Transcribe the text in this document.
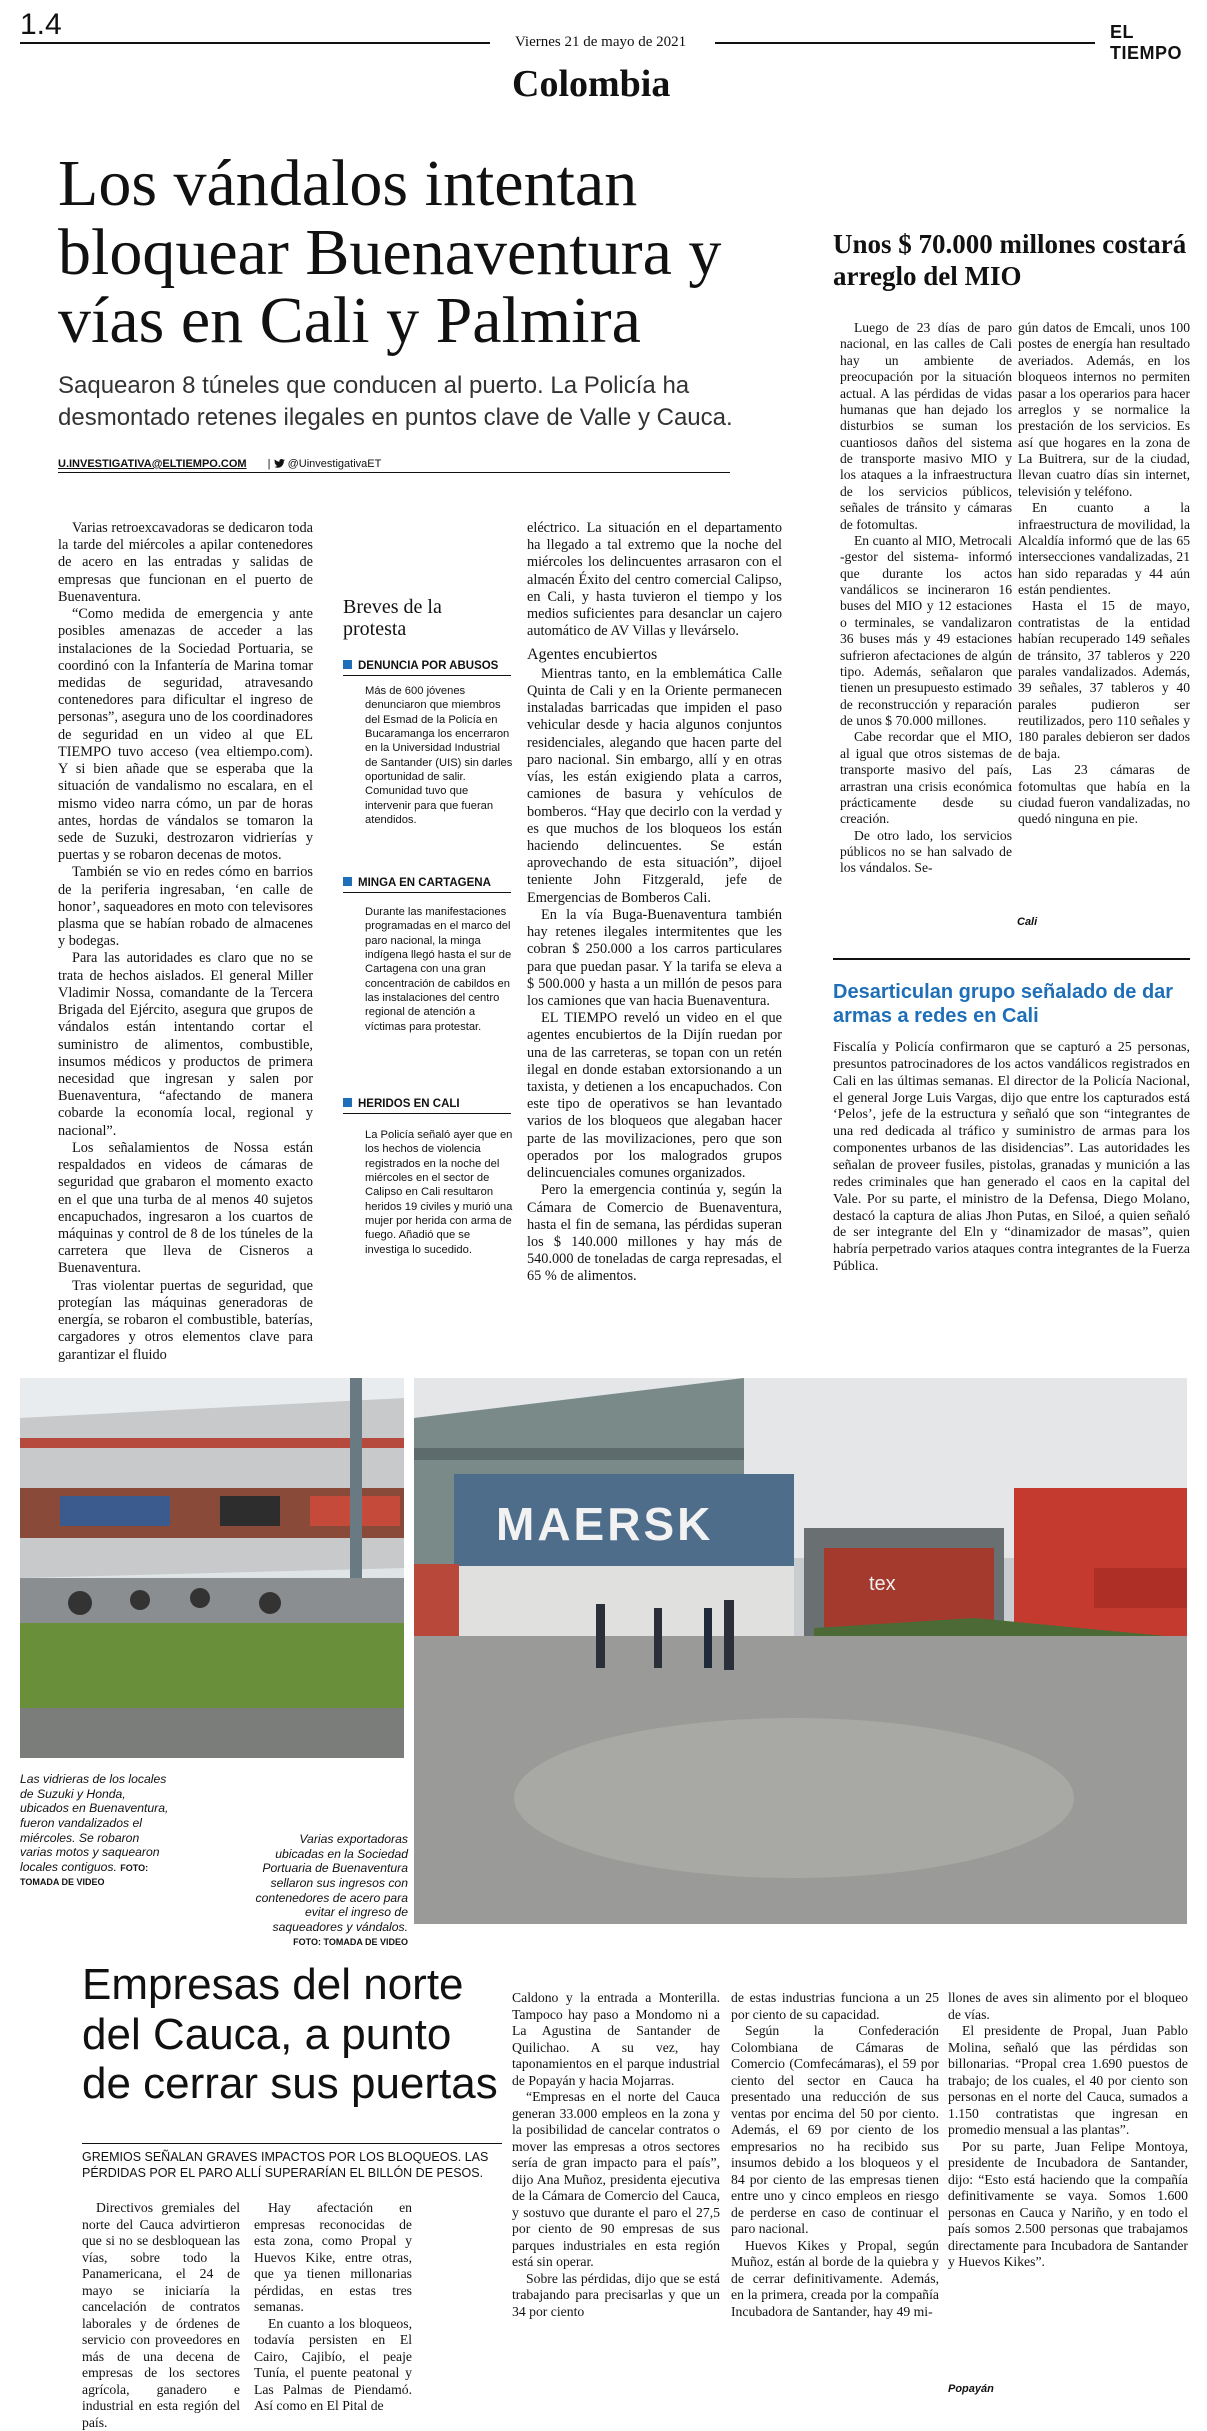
1.4
Viernes 21 de mayo de 2021
Colombia
EL TIEMPO
Los vándalos intentan bloquear Buenaventura y vías en Cali y Palmira
Saquearon 8 túneles que conducen al puerto. La Policía ha desmontado retenes ilegales en puntos clave de Valle y Cauca.
U.INVESTIGATIVA@ELTIEMPO.COM |  @UinvestigativaET

Varias retroexcavadoras se dedicaron toda la tarde del miércoles a apilar contenedores de acero en las entradas y salidas de empresas que funcionan en el puerto de Buenaventura.

“Como medida de emergencia y ante posibles amenazas de acceder a las instalaciones de la Sociedad Portuaria, se coordinó con la Infantería de Marina tomar medidas de seguridad, atravesando contenedores para dificultar el ingreso de personas”, asegura uno de los coordinadores de seguridad en un video al que EL TIEMPO tuvo acceso (vea eltiempo.com). Y si bien añade que se esperaba que la situación de vandalismo no escalara, en el mismo video narra cómo, un par de horas antes, hordas de vándalos se tomaron la sede de Suzuki, destrozaron vidrierías y puertas y se robaron decenas de motos.

También se vio en redes cómo en barrios de la periferia ingresaban, ‘en calle de honor’, saqueadores en moto con televisores plasma que se habían robado de almacenes y bodegas.

Para las autoridades es claro que no se trata de hechos aislados. El general Miller Vladimir Nossa, comandante de la Tercera Brigada del Ejército, asegura que grupos de vándalos están intentando cortar el suministro de alimentos, combustible, insumos médicos y productos de primera necesidad que ingresan y salen por Buenaventura, “afectando de manera cobarde la economía local, regional y nacional”.

Los señalamientos de Nossa están respaldados en videos de cámaras de seguridad que grabaron el momento exacto en el que una turba de al menos 40 sujetos encapuchados, ingresaron a los cuartos de máquinas y control de 8 de los túneles de la carretera que lleva de Cisneros a Buenaventura.

Tras violentar puertas de seguridad, que protegían las máquinas generadoras de energía, se robaron el combustible, baterías, cargadores y otros elementos clave para garantizar el fluido

Breves de la protesta
DENUNCIA POR ABUSOS
Más de 600 jóvenes denunciaron que miembros del Esmad de la Policía en Bucaramanga los encerraron en la Universidad Industrial de Santander (UIS) sin darles oportunidad de salir. Comunidad tuvo que intervenir para que fueran atendidos.
MINGA EN CARTAGENA
Durante las manifestaciones programadas en el marco del paro nacional, la minga indígena llegó hasta el sur de Cartagena con una gran concentración de cabildos en las instalaciones del centro regional de atención a víctimas para protestar.
HERIDOS EN CALI
La Policía señaló ayer que en los hechos de violencia registrados en la noche del miércoles en el sector de Calipso en Cali resultaron heridos 19 civiles y murió una mujer por herida con arma de fuego. Añadió que se investiga lo sucedido.

eléctrico. La situación en el departamento ha llegado a tal extremo que la noche del miércoles los delincuentes arrasaron con el almacén Éxito del centro comercial Calipso, en Cali, y hasta tuvieron el tiempo y los medios suficientes para desanclar un cajero automático de AV Villas y llevárselo.

Agentes encubiertos

Mientras tanto, en la emblemática Calle Quinta de Cali y en la Oriente permanecen instaladas barricadas que impiden el paso vehicular desde y hacia algunos conjuntos residenciales, alegando que hacen parte del paro nacional. Sin embargo, allí y en otras vías, les están exigiendo plata a carros, camiones de basura y vehículos de bomberos. “Hay que decirlo con la verdad y es que muchos de los bloqueos los están haciendo delincuentes. Se están aprovechando de esta situación”, dijoel teniente John Fitzgerald, jefe de Emergencias de Bomberos Cali.

En la vía Buga-Buenaventura también hay retenes ilegales intermitentes que les cobran $ 250.000 a los carros particulares para que puedan pasar. Y la tarifa se eleva a $ 500.000 y hasta a un millón de pesos para los camiones que van hacia Buenaventura.

EL TIEMPO reveló un video en el que agentes encubiertos de la Dijín ruedan por una de las carreteras, se topan con un retén ilegal en donde estaban extorsionando a un taxista, y detienen a los encapuchados. Con este tipo de operativos se han levantado varios de los bloqueos que alegaban hacer parte de las movilizaciones, pero que son operados por los malogrados grupos delincuenciales comunes organizados.

Pero la emergencia continúa y, según la Cámara de Comercio de Buenaventura, hasta el fin de semana, las pérdidas superan los $ 140.000 millones y hay más de 540.000 de toneladas de carga represadas, el 65 % de alimentos.

Unos $ 70.000 millones costará arreglo del MIO

Luego de 23 días de paro nacional, en las calles de Cali hay un ambiente de preocupación por la situación actual. A las pérdidas de vidas humanas que han dejado los disturbios se suman los cuantiosos daños del sistema de transporte masivo MIO y los ataques a la infraestructura de los servicios públicos, señales de tránsito y cámaras de fotomultas.

En cuanto al MIO, Metrocali -gestor del sistema- informó que durante los actos vandálicos se incineraron 16 buses del MIO y 12 estaciones o terminales, se vandalizaron 36 buses más y 49 estaciones sufrieron afectaciones de algún tipo. Además, señalaron que tienen un presupuesto estimado de reconstrucción y reparación de unos $ 70.000 millones.

Cabe recordar que el MIO, al igual que otros sistemas de transporte masivo del país, arrastran una crisis económica prácticamente desde su creación.

De otro lado, los servicios públicos no se han salvado de los vándalos. Se-

gún datos de Emcali, unos 100 postes de energía han resultado averiados. Además, en los bloqueos internos no permiten pasar a los operarios para hacer arreglos y se normalice la prestación de los servicios. Es así que hogares en la zona de La Buitrera, sur de la ciudad, llevan cuatro días sin internet, televisión y teléfono.

En cuanto a la infraestructura de movilidad, la Alcaldía informó que de las 65 intersecciones vandalizadas, 21 han sido reparadas y 44 aún están pendientes.

Hasta el 15 de mayo, contratistas de la entidad habían recuperado 149 señales de tránsito, 37 tableros y 220 parales vandalizados. Además, 39 señales, 37 tableros y 40 parales pudieron ser reutilizados, pero 110 señales y 180 parales debieron ser dados de baja.

Las 23 cámaras de fotomultas que había en la ciudad fueron vandalizadas, no quedó ninguna en pie.

Cali
Desarticulan grupo señalado de dar armas a redes en Cali

Fiscalía y Policía confirmaron que se capturó a 25 personas, presuntos patrocinadores de los actos vandálicos registrados en Cali en las últimas semanas. El director de la Policía Nacional, el general Jorge Luis Vargas, dijo que entre los capturados está ‘Pelos’, jefe de la estructura y señaló que son “integrantes de una red dedicada al tráfico y suministro de armas para los componentes urbanos de las disidencias”. Las autoridades les señalan de proveer fusiles, pistolas, granadas y munición a las redes criminales que han generado el caos en la capital del Vale. Por su parte, el ministro de la Defensa, Diego Molano, destacó la captura de alias Jhon Putas, en Siloé, a quien señaló de ser integrante del Eln y “dinamizador de masas”, quien habría perpetrado varios ataques contra integrantes de la Fuerza Pública.

MAERSK
tex
Las vidrieras de los locales de Suzuki y Honda, ubicados en Buenaventura, fueron vandalizados el miércoles. Se robaron varias motos y saquearon locales contiguos. FOTO: TOMADA DE VIDEO
Varias exportadoras ubicadas en la Sociedad Portuaria de Buenaventura sellaron sus ingresos con contenedores de acero para evitar el ingreso de saqueadores y vándalos. FOTO: TOMADA DE VIDEO
Empresas del norte del Cauca, a punto de cerrar sus puertas
GREMIOS SEÑALAN GRAVES IMPACTOS POR LOS BLOQUEOS. LAS PÉRDIDAS POR EL PARO ALLÍ SUPERARÍAN EL BILLÓN DE PESOS.

Directivos gremiales del norte del Cauca advirtieron que si no se desbloquean las vías, sobre todo la Panamericana, el 24 de mayo se iniciaría la cancelación de contratos laborales y de órdenes de servicio con proveedores en más de una decena de empresas de los sectores agrícola, ganadero e industrial en esta región del país.

Hay afectación en empresas reconocidas de esta zona, como Propal y Huevos Kike, entre otras, que ya tienen millonarias pérdidas, en estas tres semanas.

En cuanto a los bloqueos, todavía persisten en El Cairo, Cajibío, el peaje Tunía, el puente peatonal y Las Palmas de Piendamó. Así como en El Pital de

Caldono y la entrada a Monterilla. Tampoco hay paso a Mondomo ni a La Agustina de Santander de Quilichao. A su vez, hay taponamientos en el parque industrial de Popayán y hacia Mojarras.

“Empresas en el norte del Cauca generan 33.000 empleos en la zona y la posibilidad de cancelar contratos o mover las empresas a otros sectores sería de gran impacto para el país”, dijo Ana Muñoz, presidenta ejecutiva de la Cámara de Comercio del Cauca, y sostuvo que durante el paro el 27,5 por ciento de 90 empresas de sus parques industriales en esta región está sin operar.

Sobre las pérdidas, dijo que se está trabajando para precisarlas y que un 34 por ciento

de estas industrias funciona a un 25 por ciento de su capacidad.

Según la Confederación Colombiana de Cámaras de Comercio (Comfecámaras), el 59 por ciento del sector en Cauca ha presentado una reducción de sus ventas por encima del 50 por ciento. Además, el 69 por ciento de los empresarios no ha recibido sus insumos debido a los bloqueos y el 84 por ciento de las empresas tienen entre uno y cinco empleos en riesgo de perderse en caso de continuar el paro nacional.

Huevos Kikes y Propal, según Muñoz, están al borde de la quiebra y de cerrar definitivamente. Además, en la primera, creada por la compañía Incubadora de Santander, hay 49 mi-

llones de aves sin alimento por el bloqueo de vías.

El presidente de Propal, Juan Pablo Molina, señaló que las pérdidas son billonarias. “Propal crea 1.690 puestos de trabajo; de los cuales, el 40 por ciento son personas en el norte del Cauca, sumados a 1.150 contratistas que ingresan en promedio mensual a las plantas”.

Por su parte, Juan Felipe Montoya, presidente de Incubadora de Santander, dijo: “Esto está haciendo que la compañía definitivamente se vaya. Somos 1.600 personas en Cauca y Nariño, y en todo el país somos 2.500 personas que trabajamos directamente para Incubadora de Santander y Huevos Kikes”.

Popayán
